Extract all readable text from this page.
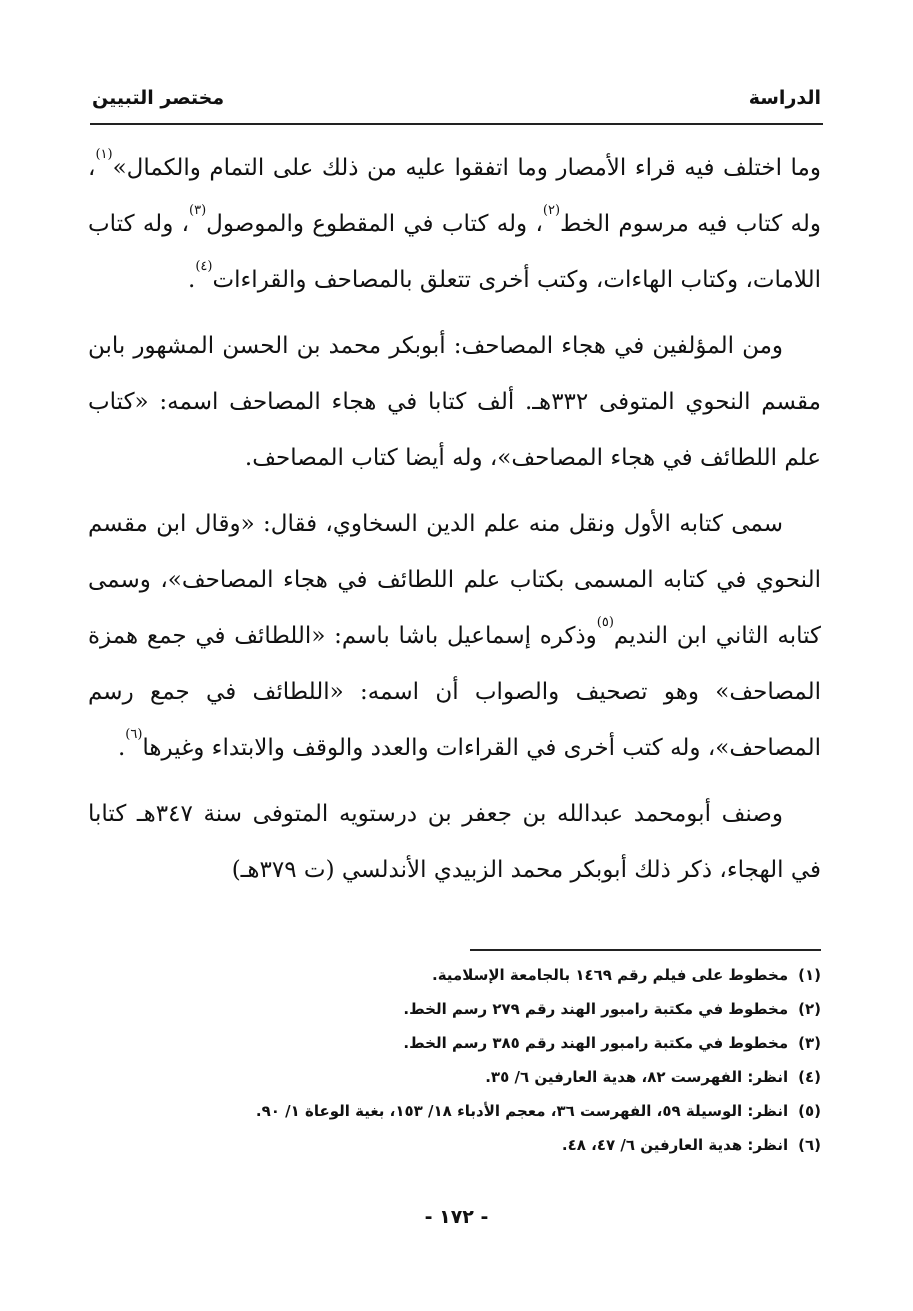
الدراسة
مختصر التبيين

وما اختلف فيه قراء الأمصار وما اتفقوا عليه من ذلك على التمام والكمال»$^{(١)}$، وله كتاب فيه مرسوم الخط$^{(٢)}$، وله كتاب في المقطوع والموصول$^{(٣)}$، وله كتاب اللامات، وكتاب الهاءات، وكتب أخرى تتعلق بالمصاحف والقراءات$^{(٤)}$.

ومن المؤلفين في هجاء المصاحف: أبوبكر محمد بن الحسن المشهور بابن مقسم النحوي المتوفى ٣٣٢هـ. ألف كتابا في هجاء المصاحف اسمه: «كتاب علم اللطائف في هجاء المصاحف»، وله أيضا كتاب المصاحف.

سمى كتابه الأول ونقل منه علم الدين السخاوي، فقال: «وقال ابن مقسم النحوي في كتابه المسمى بكتاب علم اللطائف في هجاء المصاحف»، وسمى كتابه الثاني ابن النديم$^{(٥)}$وذكره إسماعيل باشا باسم: «اللطائف في جمع همزة المصاحف» وهو تصحيف والصواب أن اسمه: «اللطائف في جمع رسم المصاحف»، وله كتب أخرى في القراءات والعدد والوقف والابتداء وغيرها$^{(٦)}$.

وصنف أبومحمد عبدالله بن جعفر بن درستويه المتوفى سنة ٣٤٧هـ كتابا في الهجاء، ذكر ذلك أبوبكر محمد الزبيدي الأندلسي (ت ٣٧٩هـ)

(١)
مخطوط على فيلم رقم ١٤٦٩ بالجامعة الإسلامية.
(٢)
مخطوط في مكتبة رامبور الهند رقم ٢٧٩ رسم الخط.
(٣)
مخطوط في مكتبة رامبور الهند رقم ٣٨٥ رسم الخط.
(٤)
انظر: الفهرست ٨٢، هدية العارفين ٦/ ٣٥.
(٥)
انظر: الوسيلة ٥٩، الفهرست ٣٦، معجم الأدباء ١٨/ ١٥٣، بغية الوعاة ١/ ٩٠.
(٦)
انظر: هدية العارفين ٦/ ٤٧، ٤٨.
- ١٧٢ -
